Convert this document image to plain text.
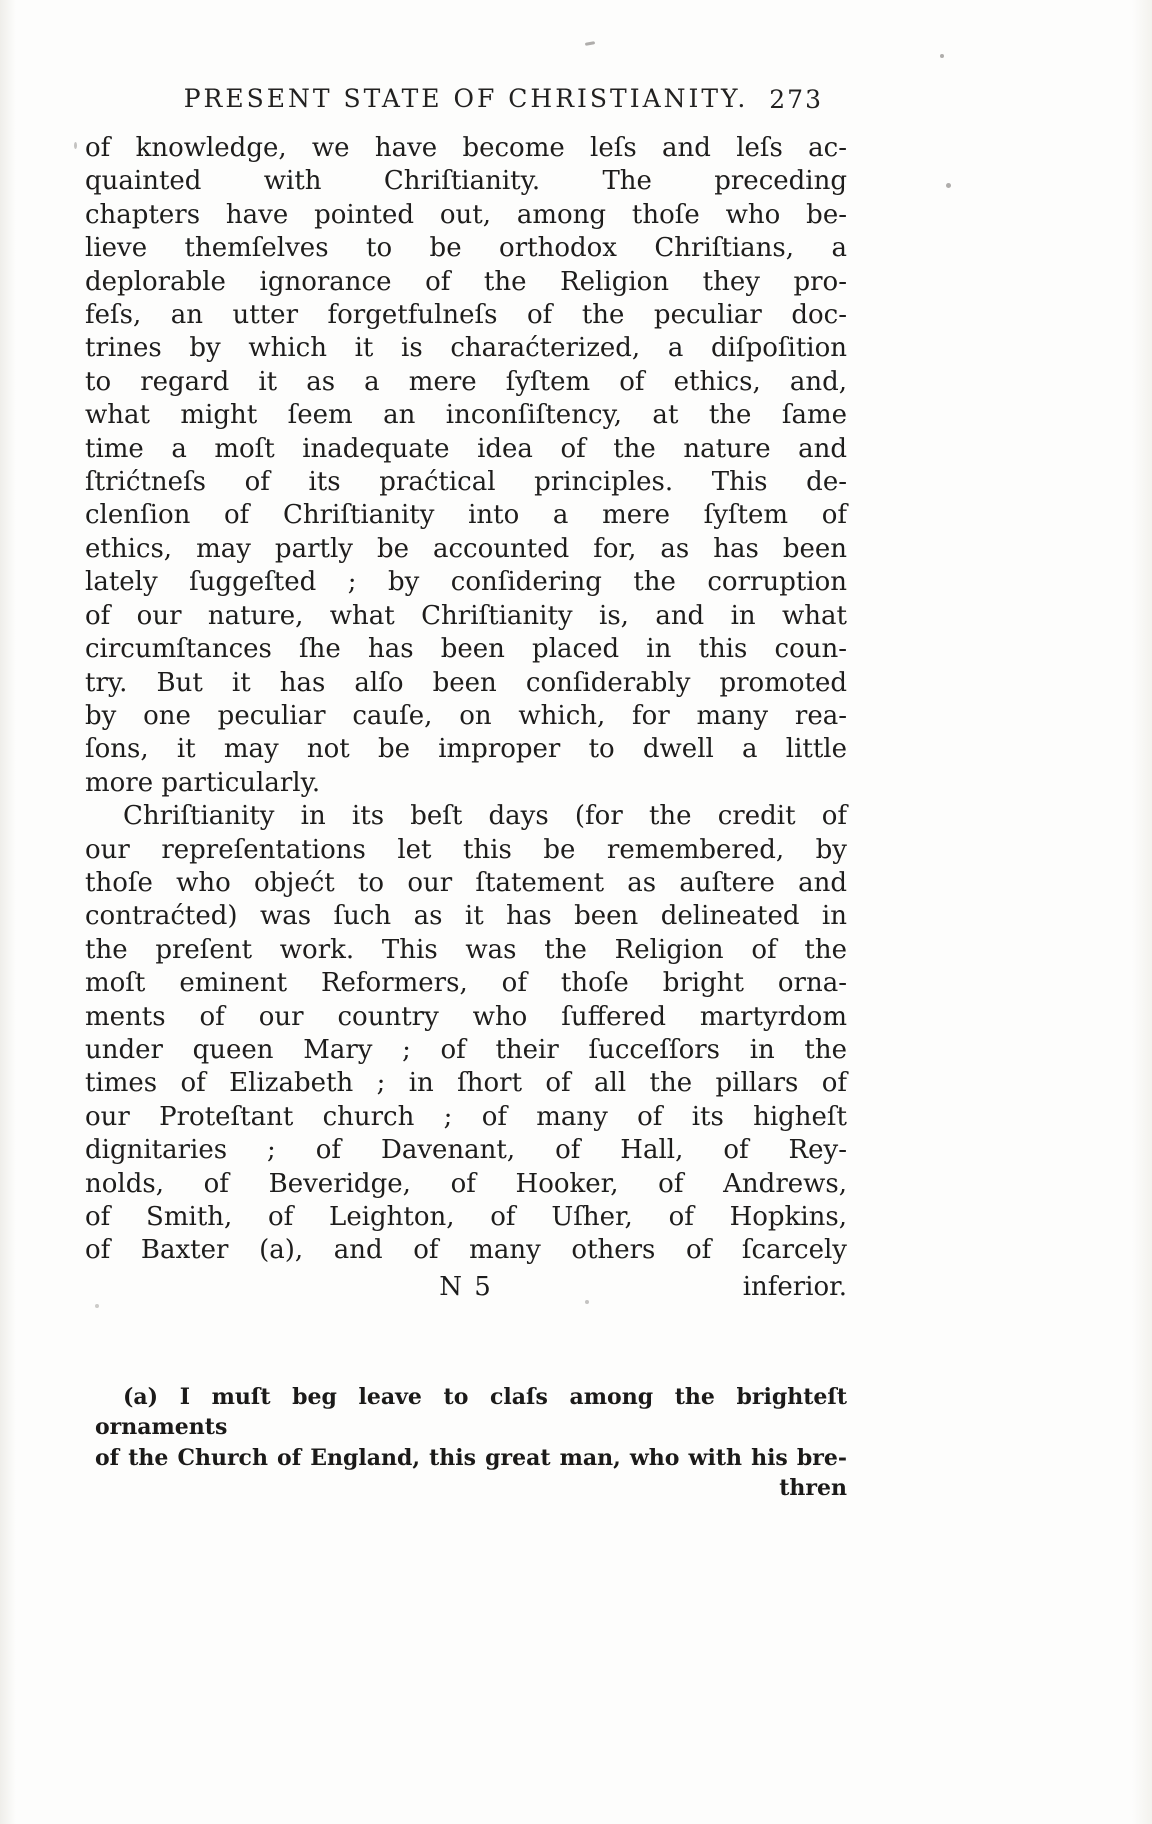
PRESENT STATE OF CHRISTIANITY. 273
of knowledge, we have become leſs and leſs ac-
quainted with Chriſtianity. The preceding
chapters have pointed out, among thoſe who be-
lieve themſelves to be orthodox Chriſtians, a
deplorable ignorance of the Religion they pro-
feſs, an utter forgetfulneſs of the peculiar doc-
trines by which it is charaćterized, a diſpoſition
to regard it as a mere ſyſtem of ethics, and,
what might ſeem an inconſiſtency, at the ſame
time a moſt inadequate idea of the nature and
ſtrićtneſs of its praćtical principles. This de-
clenſion of Chriſtianity into a mere ſyſtem of
ethics, may partly be accounted for, as has been
lately ſuggeſted ; by conſidering the corruption
of our nature, what Chriſtianity is, and in what
circumſtances ſhe has been placed in this coun-
try. But it has alſo been conſiderably promoted
by one peculiar cauſe, on which, for many rea-
ſons, it may not be improper to dwell a little
more particularly.
Chriſtianity in its beſt days (for the credit of
our repreſentations let this be remembered, by
thoſe who objećt to our ſtatement as auſtere and
contraćted) was ſuch as it has been delineated in
the preſent work. This was the Religion of the
moſt eminent Reformers, of thoſe bright orna-
ments of our country who ſuffered martyrdom
under queen Mary ; of their ſucceſſors in the
times of Elizabeth ; in ſhort of all the pillars of
our Proteſtant church ; of many of its higheſt
dignitaries ; of Davenant, of Hall, of Rey-
nolds, of Beveridge, of Hooker, of Andrews,
of Smith, of Leighton, of Uſher, of Hopkins,
of Baxter (a), and of many others of ſcarcely
N 5	inferior.
(a) I muſt beg leave to claſs among the brighteſt ornaments
of the Church of England, this great man, who with his bre-
thren
